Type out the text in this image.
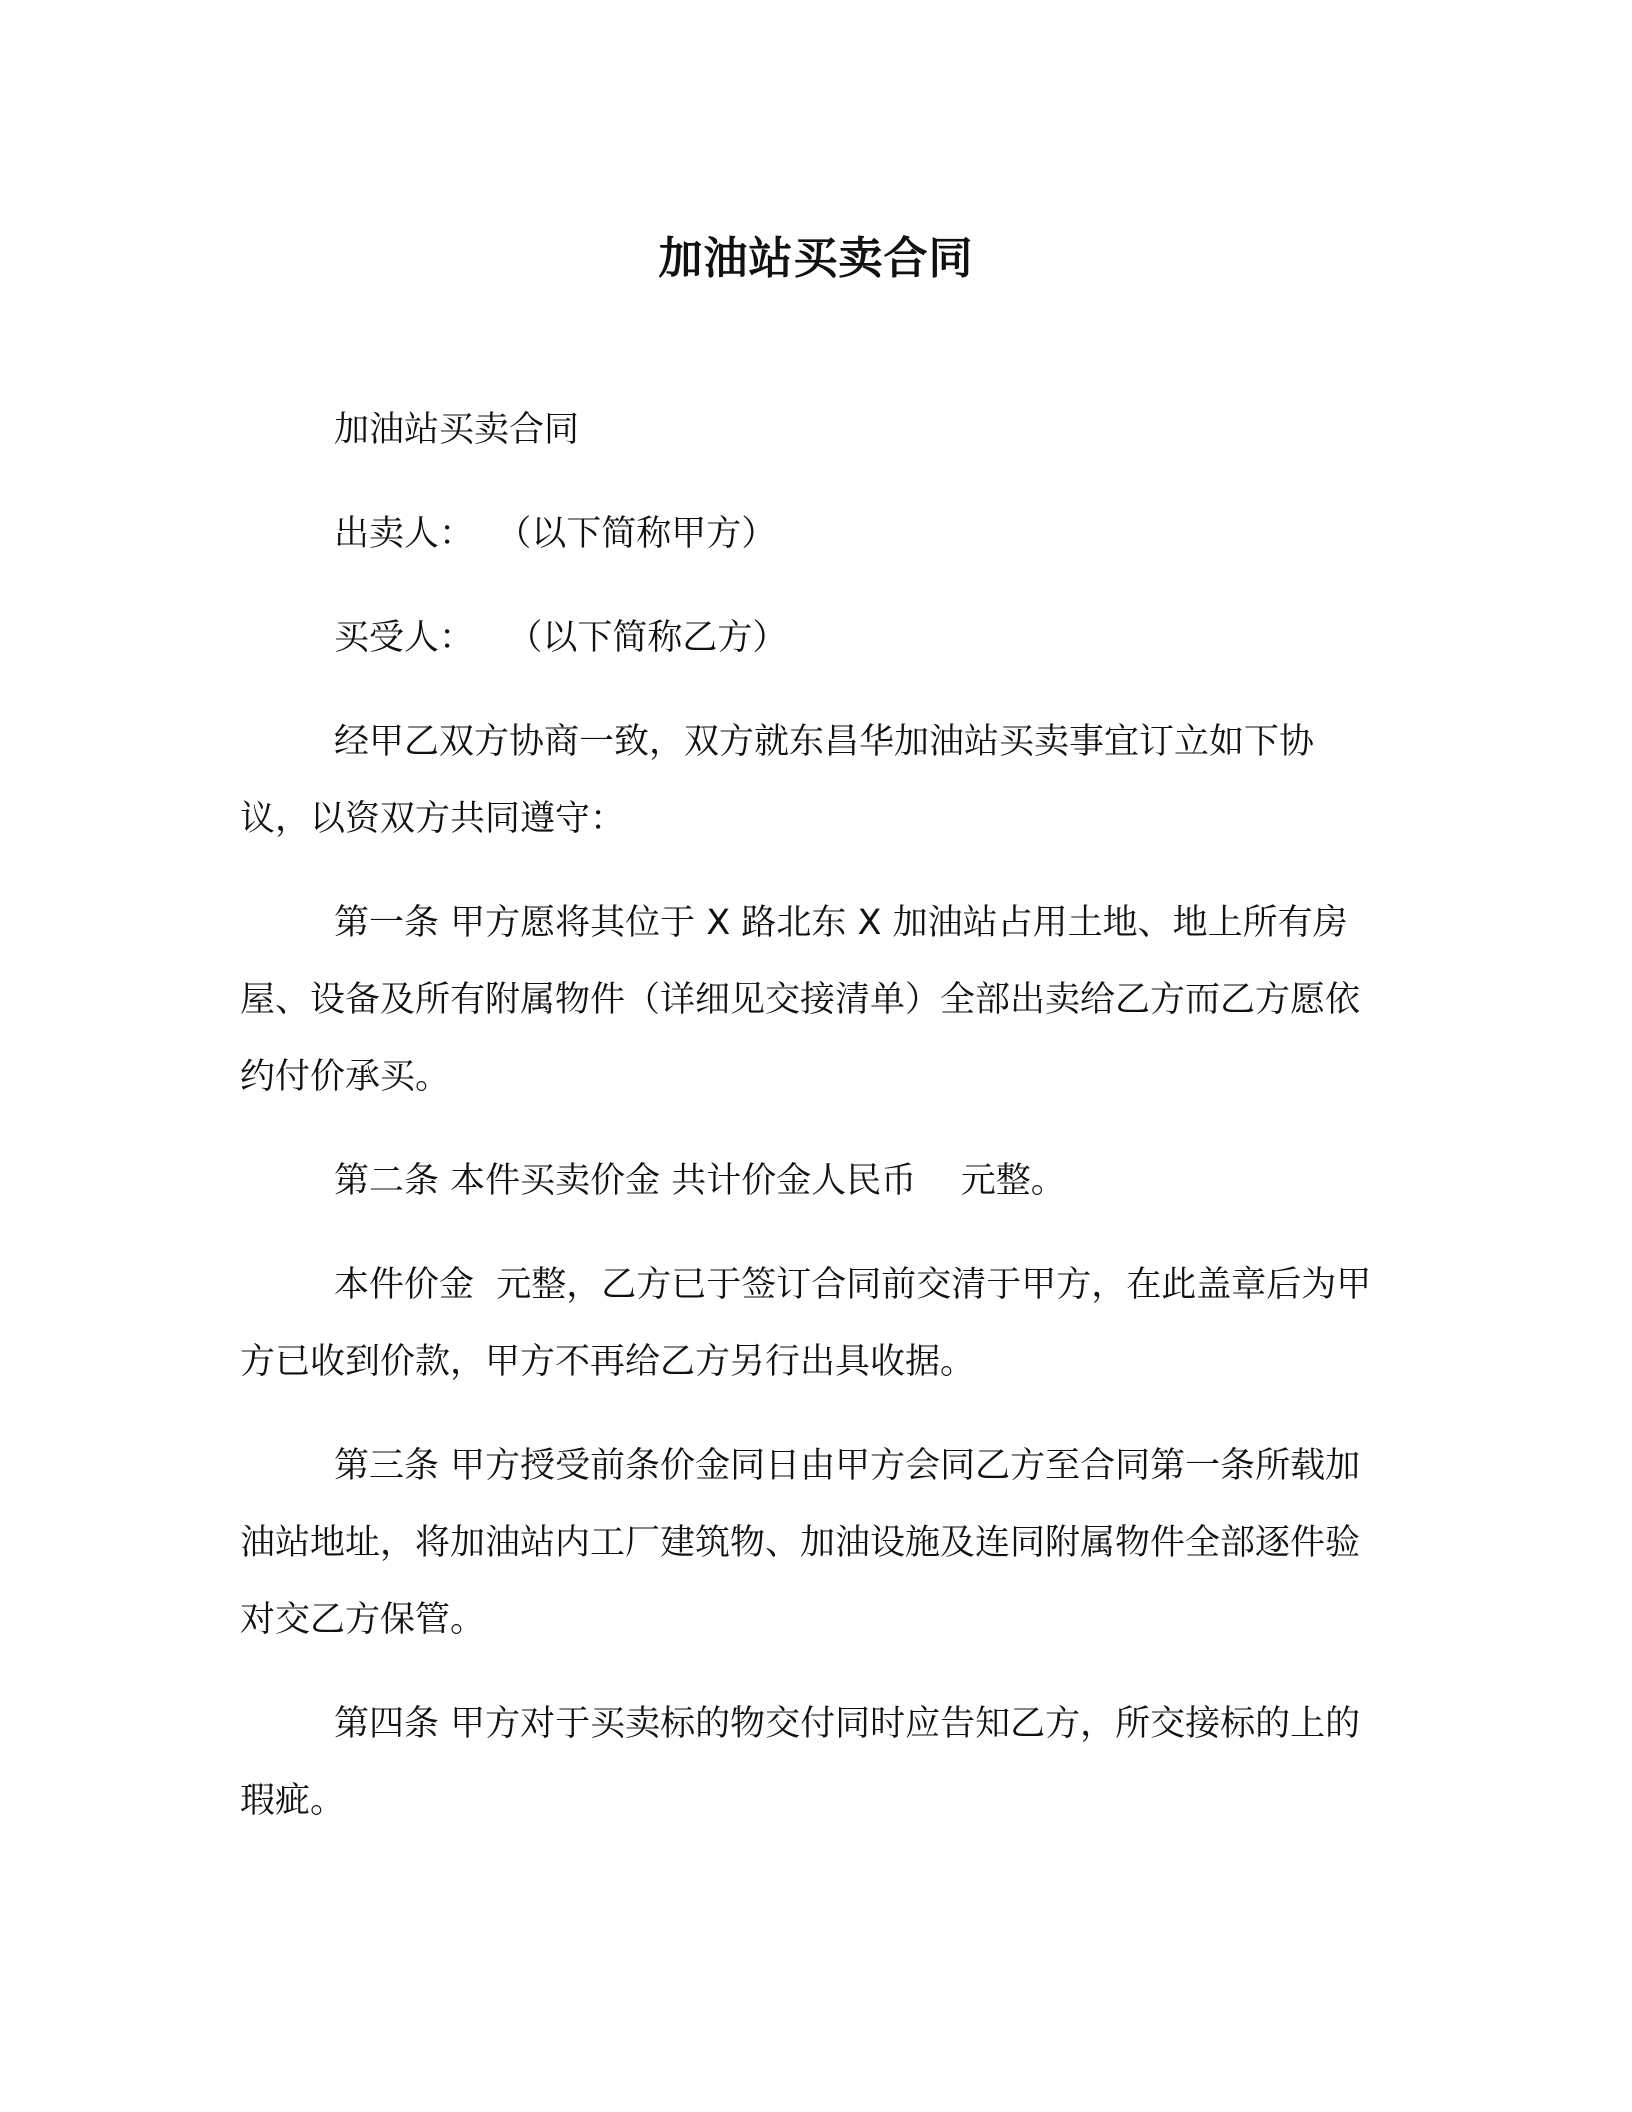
加油站买卖合同

加油站买卖合同

出卖人：  （以下简称甲方）

买受人：   （以下简称乙方）

经甲乙双方协商一致，双方就东昌华加油站买卖事宜订立如下协议，以资双方共同遵守：

第一条 甲方愿将其位于 X 路北东 X 加油站占用土地、地上所有房屋、设备及所有附属物件（详细见交接清单）全部出卖给乙方而乙方愿依约付价承买。

第二条 本件买卖价金 共计价金人民币    元整。

本件价金  元整，乙方已于签订合同前交清于甲方，在此盖章后为甲方已收到价款，甲方不再给乙方另行出具收据。

第三条 甲方授受前条价金同日由甲方会同乙方至合同第一条所载加油站地址，将加油站内工厂建筑物、加油设施及连同附属物件全部逐件验对交乙方保管。

第四条 甲方对于买卖标的物交付同时应告知乙方，所交接标的上的瑕疵。
